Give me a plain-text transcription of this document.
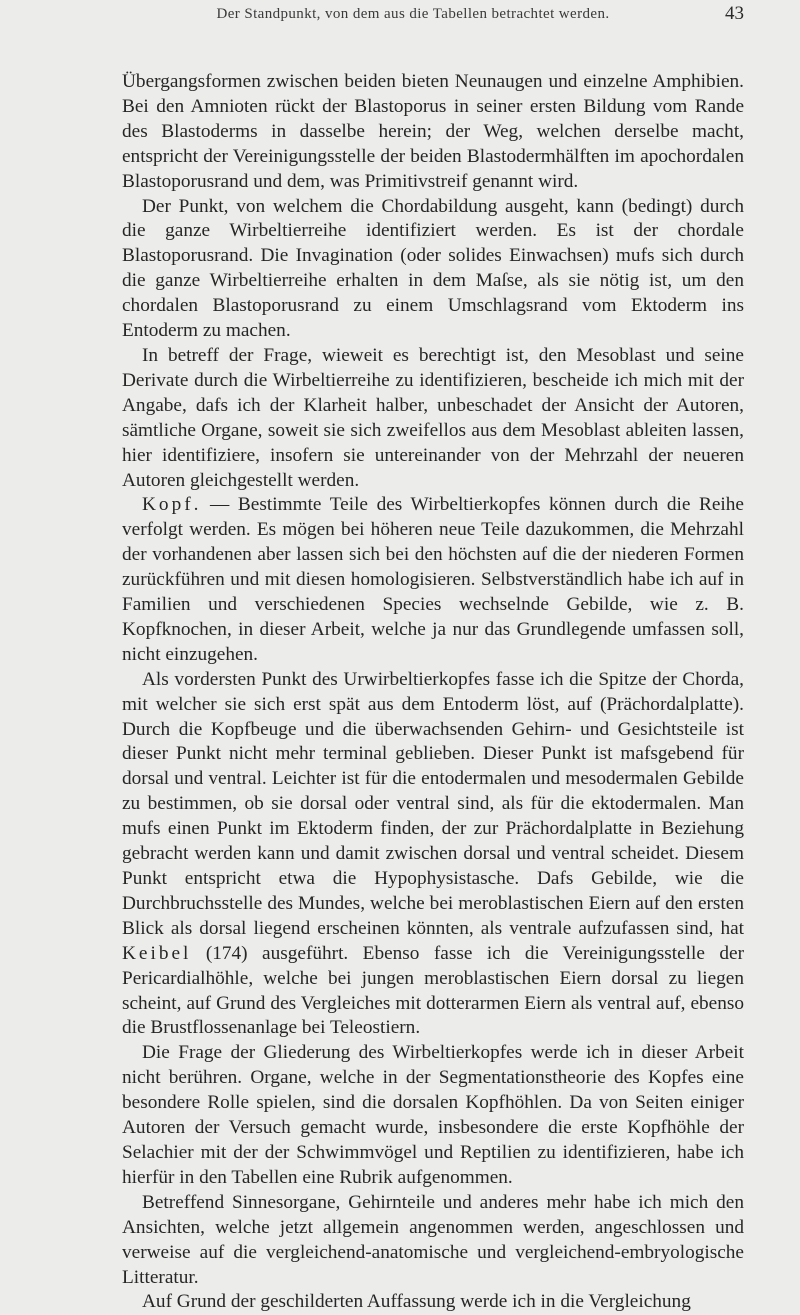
Der Standpunkt, von dem aus die Tabellen betrachtet werden.	43

Übergangsformen zwischen beiden bieten Neunaugen und einzelne Amphibien. Bei den Amnioten rückt der Blastoporus in seiner ersten Bildung vom Rande des Blastoderms in dasselbe herein; der Weg, welchen derselbe macht, entspricht der Vereinigungsstelle der beiden Blastodermhälften im apochordalen Blastoporusrand und dem, was Primitivstreif genannt wird.

Der Punkt, von welchem die Chordabildung ausgeht, kann (bedingt) durch die ganze Wirbeltierreihe identifiziert werden. Es ist der chordale Blastoporusrand. Die Invagination (oder solides Einwachsen) mufs sich durch die ganze Wirbeltierreihe erhalten in dem Maſse, als sie nötig ist, um den chordalen Blastoporusrand zu einem Umschlagsrand vom Ektoderm ins Entoderm zu machen.

In betreff der Frage, wieweit es berechtigt ist, den Mesoblast und seine Derivate durch die Wirbeltierreihe zu identifizieren, bescheide ich mich mit der Angabe, dafs ich der Klarheit halber, unbeschadet der Ansicht der Autoren, sämtliche Organe, soweit sie sich zweifellos aus dem Mesoblast ableiten lassen, hier identifiziere, insofern sie untereinander von der Mehrzahl der neueren Autoren gleichgestellt werden.

Kopf. — Bestimmte Teile des Wirbeltierkopfes können durch die Reihe verfolgt werden. Es mögen bei höheren neue Teile dazukommen, die Mehrzahl der vorhandenen aber lassen sich bei den höchsten auf die der niederen Formen zurückführen und mit diesen homologisieren. Selbstverständlich habe ich auf in Familien und verschiedenen Species wechselnde Gebilde, wie z. B. Kopfknochen, in dieser Arbeit, welche ja nur das Grundlegende umfassen soll, nicht einzugehen.

Als vordersten Punkt des Urwirbeltierkopfes fasse ich die Spitze der Chorda, mit welcher sie sich erst spät aus dem Entoderm löst, auf (Prächordalplatte). Durch die Kopfbeuge und die überwachsenden Gehirn- und Gesichtsteile ist dieser Punkt nicht mehr terminal geblieben. Dieser Punkt ist mafsgebend für dorsal und ventral. Leichter ist für die entodermalen und mesodermalen Gebilde zu bestimmen, ob sie dorsal oder ventral sind, als für die ektodermalen. Man mufs einen Punkt im Ektoderm finden, der zur Prächordalplatte in Beziehung gebracht werden kann und damit zwischen dorsal und ventral scheidet. Diesem Punkt entspricht etwa die Hypophysistasche. Dafs Gebilde, wie die Durchbruchsstelle des Mundes, welche bei meroblastischen Eiern auf den ersten Blick als dorsal liegend erscheinen könnten, als ventrale aufzufassen sind, hat Keibel (174) ausgeführt. Ebenso fasse ich die Vereinigungsstelle der Pericardialhöhle, welche bei jungen meroblastischen Eiern dorsal zu liegen scheint, auf Grund des Vergleiches mit dotterarmen Eiern als ventral auf, ebenso die Brustflossenanlage bei Teleostiern.

Die Frage der Gliederung des Wirbeltierkopfes werde ich in dieser Arbeit nicht berühren. Organe, welche in der Segmentationstheorie des Kopfes eine besondere Rolle spielen, sind die dorsalen Kopfhöhlen. Da von Seiten einiger Autoren der Versuch gemacht wurde, insbesondere die erste Kopfhöhle der Selachier mit der der Schwimmvögel und Reptilien zu identifizieren, habe ich hierfür in den Tabellen eine Rubrik aufgenommen.

Betreffend Sinnesorgane, Gehirnteile und anderes mehr habe ich mich den Ansichten, welche jetzt allgemein angenommen werden, angeschlossen und verweise auf die vergleichend-anatomische und vergleichend-embryologische Litteratur.

Auf Grund der geschilderten Auffassung werde ich in die Vergleichung
